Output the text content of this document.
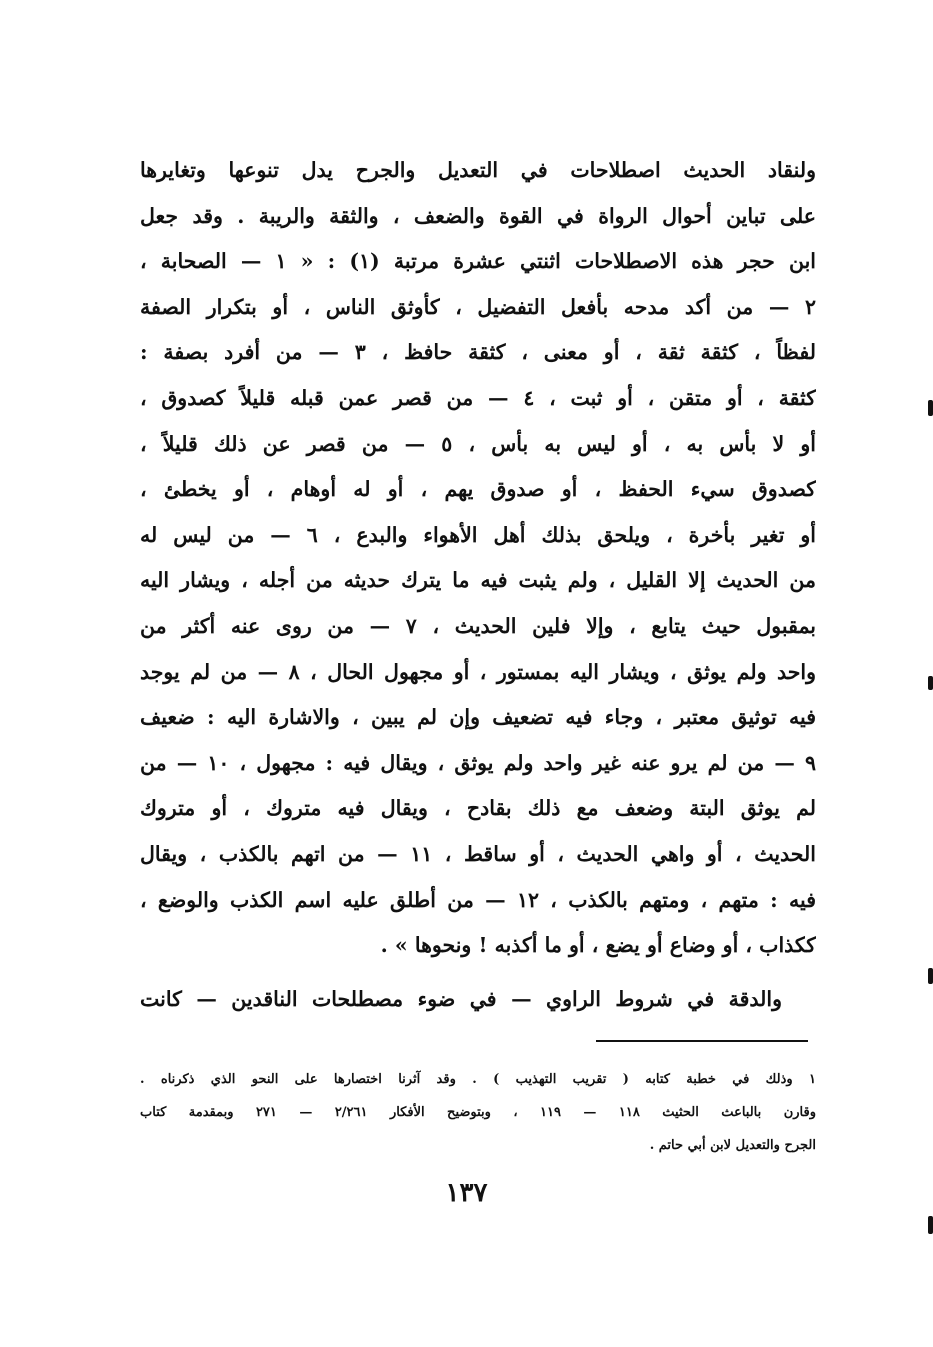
ولنقاد الحديث اصطلاحات في التعديل والجرح يدل تنوعها وتغايرها
على تباين أحوال الرواة في القوة والضعف ، والثقة والريبة . وقد جعل
ابن حجر هذه الاصطلاحات اثنتي عشرة مرتبة (١) : « ١ — الصحابة ،
٢ — من أكد مدحه بأفعل التفضيل ، كأوثق الناس ، أو بتكرار الصفة
لفظاً ، كثقة ثقة ، أو معنى ، كثقة حافظ ، ٣ — من أفرد بصفة :
كثقة ، أو متقن ، أو ثبت ، ٤ — من قصر عمن قبله قليلاً كصدوق ،
أو لا بأس به ، أو ليس به بأس ، ٥ — من قصر عن ذلك قليلاً ،
كصدوق سيء الحفظ ، أو صدوق يهم ، أو له أوهام ، أو يخطئ ،
أو تغير بأخرة ، ويلحق بذلك أهل الأهواء والبدع ، ٦ — من ليس له
من الحديث إلا القليل ، ولم يثبت فيه ما يترك حديثه من أجله ، ويشار اليه
بمقبول حيث يتابع ، وإلا فلين الحديث ، ٧ — من روى عنه أكثر من
واحد ولم يوثق ، ويشار اليه بمستور ، أو مجهول الحال ، ٨ — من لم يوجد
فيه توثيق معتبر ، وجاء فيه تضعيف وإن لم يبين ، والاشارة اليه : ضعيف
٩ — من لم يرو عنه غير واحد ولم يوثق ، ويقال فيه : مجهول ، ١٠ — من
لم يوثق البتة وضعف مع ذلك بقادح ، ويقال فيه متروك ، أو متروك
الحديث ، أو واهي الحديث ، أو ساقط ، ١١ — من اتهم بالكذب ، ويقال
فيه : متهم ، ومتهم بالكذب ، ١٢ — من أطلق عليه اسم الكذب والوضع ،
ككذاب ، أو وضاع أو يضع ، أو ما أكذبه ! ونحوها » .
والدقة في شروط الراوي — في ضوء مصطلحات الناقدين — كانت
١ وذلك في خطبة كتابه ( تقريب التهذيب ) . وقد آثرنا اختصارها على النحو الذي ذكرناه .
وقارن بالباعث الحثيث ١١٨ — ١١٩ ، وبتوضيح الأفكار ٢/٢٦١ — ٢٧١ وبمقدمة كتاب
الجرح والتعديل لابن أبي حاتم .
١٣٧
